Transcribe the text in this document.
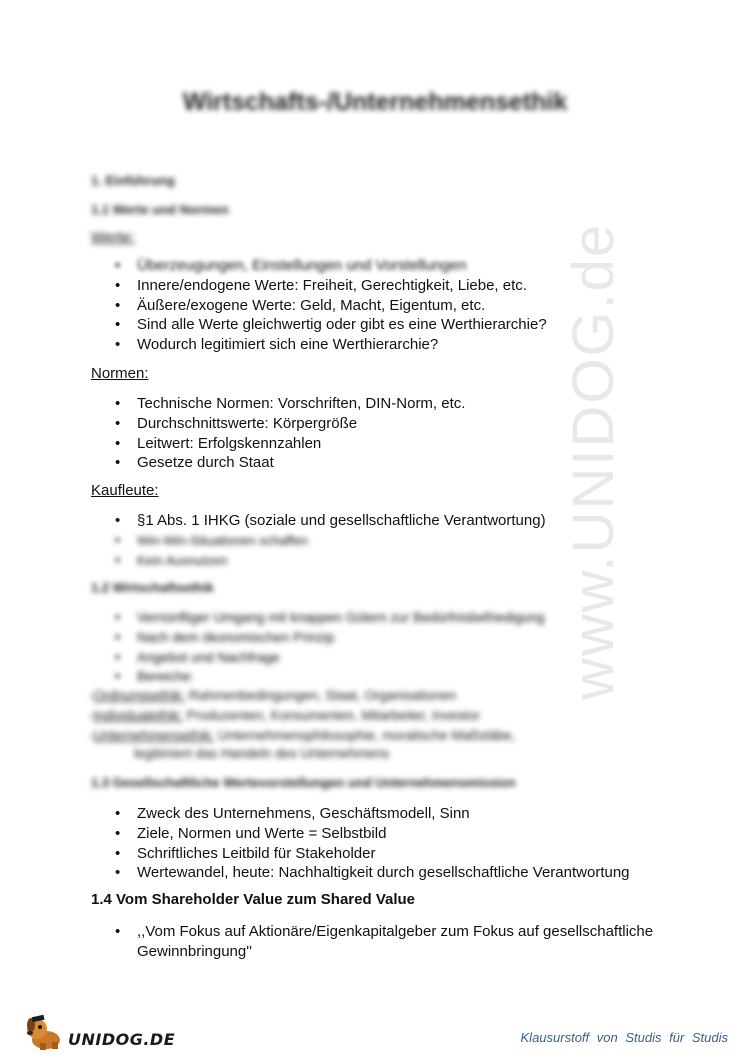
www.UNIDOG.de
Wirtschafts-/Unternehmensethik
1. Einführung
1.1 Werte und Normen
Werte:
• Überzeugungen, Einstellungen und Vorstellungen
• Innere/endogene Werte: Freiheit, Gerechtigkeit, Liebe, etc.
• Äußere/exogene Werte: Geld, Macht, Eigentum, etc.
• Sind alle Werte gleichwertig oder gibt es eine Werthierarchie?
• Wodurch legitimiert sich eine Werthierarchie?
Normen:
• Technische Normen: Vorschriften, DIN-Norm, etc.
• Durchschnittswerte: Körpergröße
• Leitwert: Erfolgskennzahlen
• Gesetze durch Staat
Kaufleute:
• §1 Abs. 1 IHKG (soziale und gesellschaftliche Verantwortung)
• Win-Win-Situationen schaffen
• Kein Ausnutzen
1.2 Wirtschaftsethik
• Vernünftiger Umgang mit knappen Gütern zur Bedürfnisbefriedigung
• Nach dem ökonomischen Prinzip
• Angebot und Nachfrage
• Bereiche:
-Ordnungsethik: Rahmenbedingungen, Staat, Organisationen
-Individualethik: Produzenten, Konsumenten, Mitarbeiter, Investor
-Unternehmensethik: Unternehmensphilosophie, moralische Maßstäbe,
legitimiert das Handeln des Unternehmens
1.3 Gesellschaftliche Wertevorstellungen und Unternehmensmission
• Zweck des Unternehmens, Geschäftsmodell, Sinn
• Ziele, Normen und Werte = Selbstbild
• Schriftliches Leitbild für Stakeholder
• Wertewandel, heute: Nachhaltigkeit durch gesellschaftliche Verantwortung
1.4 Vom Shareholder Value zum Shared Value
• ,,Vom Fokus auf Aktionäre/Eigenkapitalgeber zum Fokus auf gesellschaftliche
Gewinnbringung''
UNIDOG.DE	Klausurstoff von Studis für Studis
